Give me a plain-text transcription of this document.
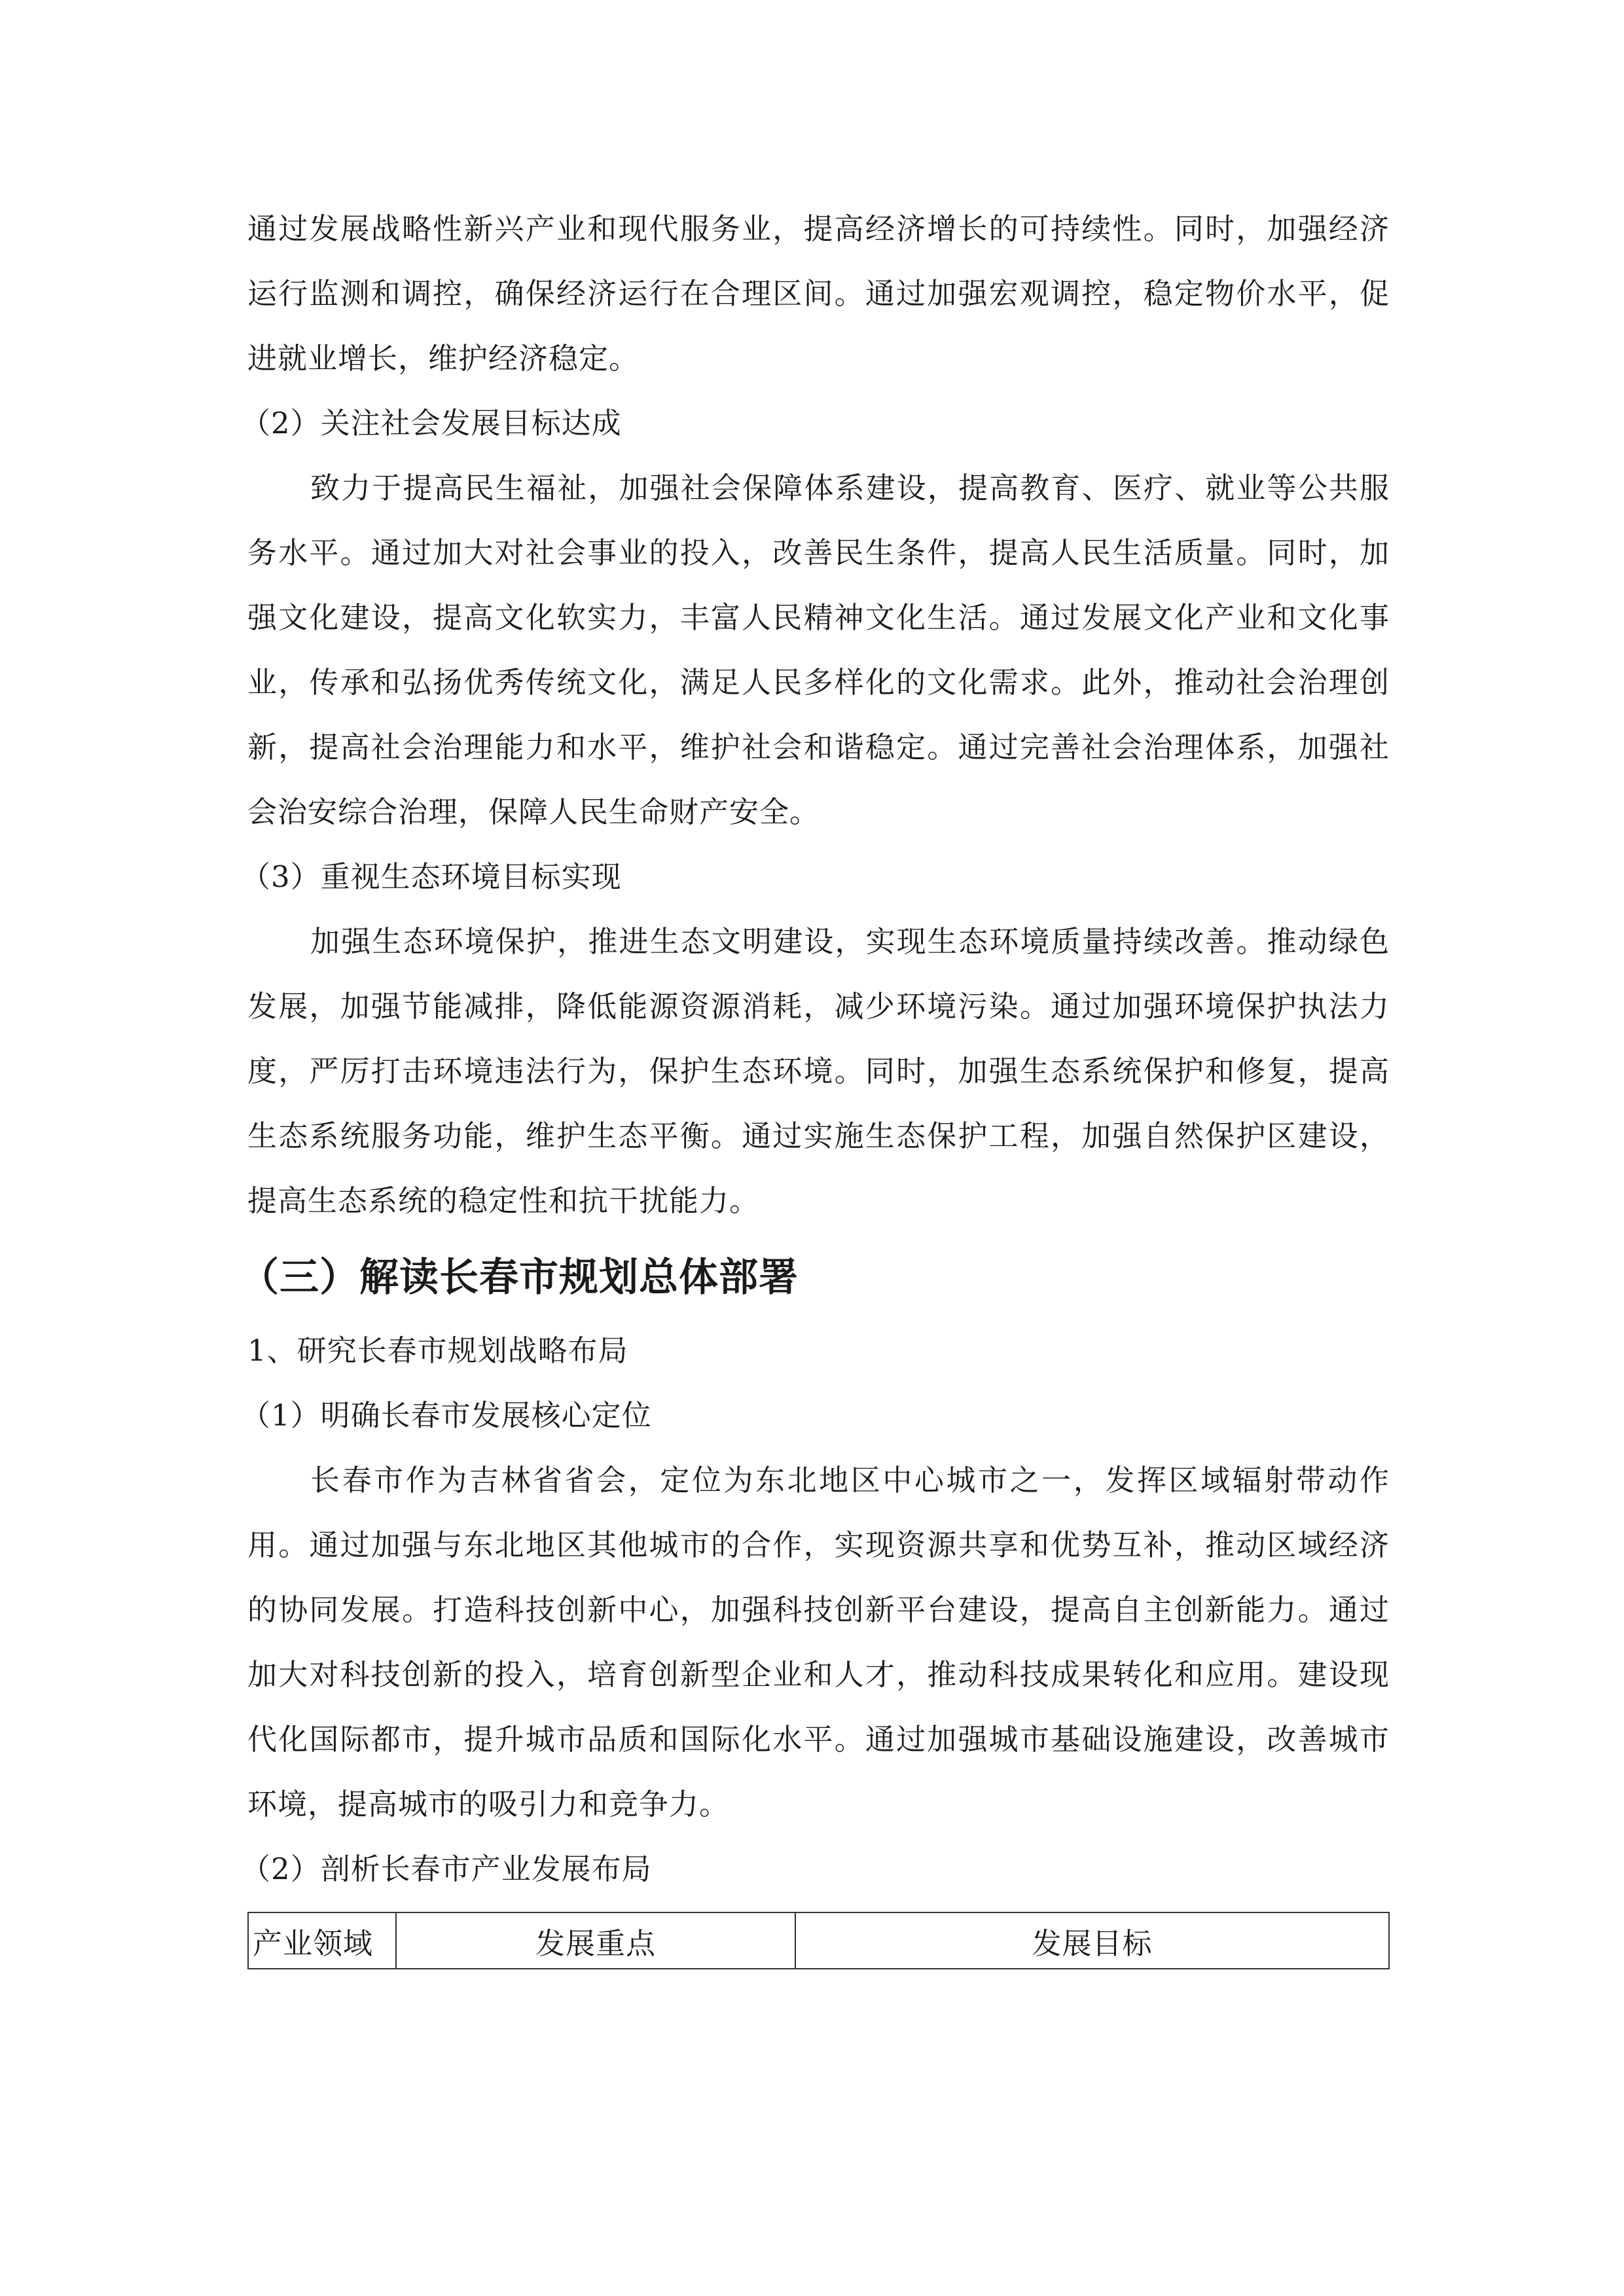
通过发展战略性新兴产业和现代服务业，提高经济增长的可持续性。同时，加强经济运行监测和调控，确保经济运行在合理区间。通过加强宏观调控，稳定物价水平，促进就业增长，维护经济稳定。

（2）关注社会发展目标达成

致力于提高民生福祉，加强社会保障体系建设，提高教育、医疗、就业等公共服务水平。通过加大对社会事业的投入，改善民生条件，提高人民生活质量。同时，加强文化建设，提高文化软实力，丰富人民精神文化生活。通过发展文化产业和文化事业，传承和弘扬优秀传统文化，满足人民多样化的文化需求。此外，推动社会治理创新，提高社会治理能力和水平，维护社会和谐稳定。通过完善社会治理体系，加强社会治安综合治理，保障人民生命财产安全。

（3）重视生态环境目标实现

加强生态环境保护，推进生态文明建设，实现生态环境质量持续改善。推动绿色发展，加强节能减排，降低能源资源消耗，减少环境污染。通过加强环境保护执法力度，严厉打击环境违法行为，保护生态环境。同时，加强生态系统保护和修复，提高生态系统服务功能，维护生态平衡。通过实施生态保护工程，加强自然保护区建设，提高生态系统的稳定性和抗干扰能力。

（三）解读长春市规划总体部署

1、研究长春市规划战略布局

（1）明确长春市发展核心定位

长春市作为吉林省省会，定位为东北地区中心城市之一，发挥区域辐射带动作用。通过加强与东北地区其他城市的合作，实现资源共享和优势互补，推动区域经济的协同发展。打造科技创新中心，加强科技创新平台建设，提高自主创新能力。通过加大对科技创新的投入，培育创新型企业和人才，推动科技成果转化和应用。建设现代化国际都市，提升城市品质和国际化水平。通过加强城市基础设施建设，改善城市环境，提高城市的吸引力和竞争力。

（2）剖析长春市产业发展布局

产业领域	发展重点	发展目标
